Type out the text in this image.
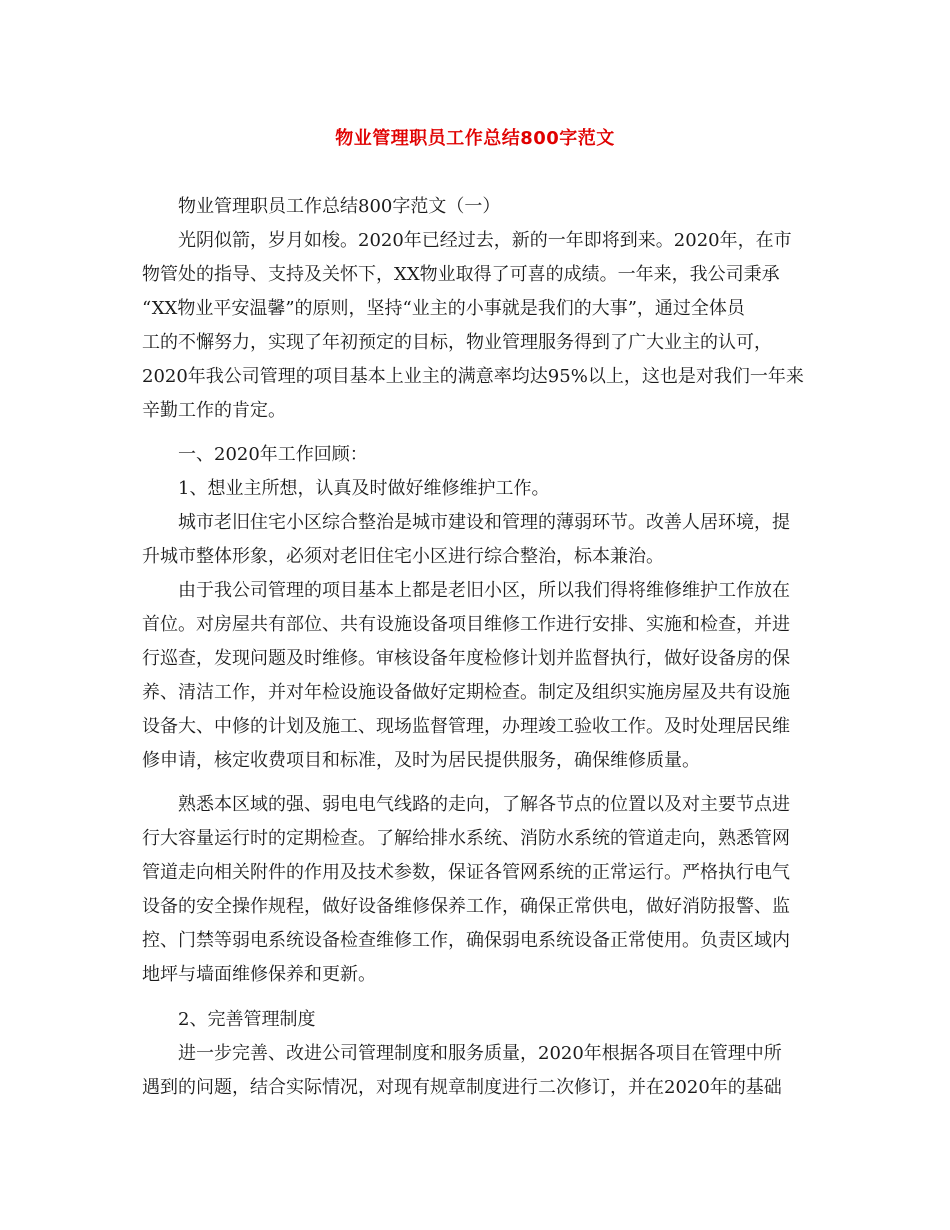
物业管理职员工作总结800字范文
物业管理职员工作总结800字范文（一）
光阴似箭，岁月如梭。2020年已经过去，新的一年即将到来。2020年，在市
物管处的指导、支持及关怀下，XX物业取得了可喜的成绩。一年来，我公司秉承
“XX物业平安温馨”的原则，坚持“业主的小事就是我们的大事”，通过全体员
工的不懈努力，实现了年初预定的目标，物业管理服务得到了广大业主的认可，
2020年我公司管理的项目基本上业主的满意率均达95%以上，这也是对我们一年来
辛勤工作的肯定。
一、2020年工作回顾：
1、想业主所想，认真及时做好维修维护工作。
城市老旧住宅小区综合整治是城市建设和管理的薄弱环节。改善人居环境，提
升城市整体形象，必须对老旧住宅小区进行综合整治，标本兼治。
由于我公司管理的项目基本上都是老旧小区，所以我们得将维修维护工作放在
首位。对房屋共有部位、共有设施设备项目维修工作进行安排、实施和检查，并进
行巡查，发现问题及时维修。审核设备年度检修计划并监督执行，做好设备房的保
养、清洁工作，并对年检设施设备做好定期检查。制定及组织实施房屋及共有设施
设备大、中修的计划及施工、现场监督管理，办理竣工验收工作。及时处理居民维
修申请，核定收费项目和标准，及时为居民提供服务，确保维修质量。
熟悉本区域的强、弱电电气线路的走向，了解各节点的位置以及对主要节点进
行大容量运行时的定期检查。了解给排水系统、消防水系统的管道走向，熟悉管网
管道走向相关附件的作用及技术参数，保证各管网系统的正常运行。严格执行电气
设备的安全操作规程，做好设备维修保养工作，确保正常供电，做好消防报警、监
控、门禁等弱电系统设备检查维修工作，确保弱电系统设备正常使用。负责区域内
地坪与墙面维修保养和更新。
2、完善管理制度
进一步完善、改进公司管理制度和服务质量，2020年根据各项目在管理中所
遇到的问题，结合实际情况，对现有规章制度进行二次修订，并在2020年的基础
